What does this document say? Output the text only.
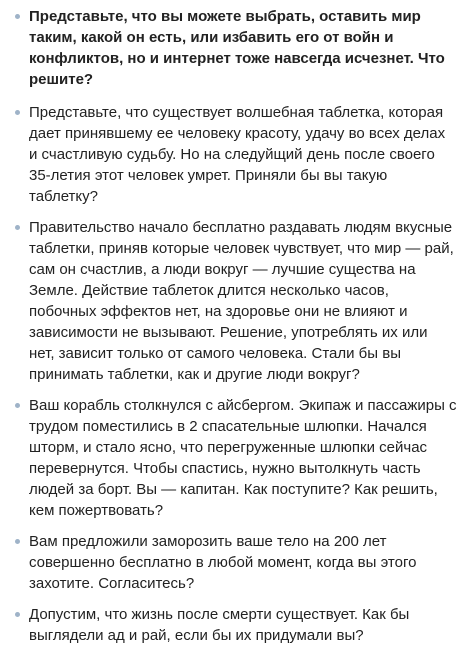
Представьте, что вы можете выбрать, оставить мир таким, какой он есть, или избавить его от войн и конфликтов, но и интернет тоже навсегда исчезнет. Что решите?
Представьте, что существует волшебная таблетка, которая дает принявшему ее человеку красоту, удачу во всех делах и счастливую судьбу. Но на следуйщий день после своего 35-летия этот человек умрет. Приняли бы вы такую таблетку?
Правительство начало бесплатно раздавать людям вкусные таблетки, приняв которые человек чувствует, что мир — рай, сам он счастлив, а люди вокруг — лучшие существа на Земле. Действие таблеток длится несколько часов, побочных эффектов нет, на здоровье они не влияют и зависимости не вызывают. Решение, употреблять их или нет, зависит только от самого человека. Стали бы вы принимать таблетки, как и другие люди вокруг?
Ваш корабль столкнулся с айсбергом. Экипаж и пассажиры с трудом поместились в 2 спасательные шлюпки. Начался шторм, и стало ясно, что перегруженные шлюпки сейчас перевернутся. Чтобы спастись, нужно вытолкнуть часть людей за борт. Вы — капитан. Как поступите? Как решить, кем пожертвовать?
Вам предложили заморозить ваше тело на 200 лет совершенно бесплатно в любой момент, когда вы этого захотите. Согласитесь?
Допустим, что жизнь после смерти существует. Как бы выглядели ад и рай, если бы их придумали вы?
